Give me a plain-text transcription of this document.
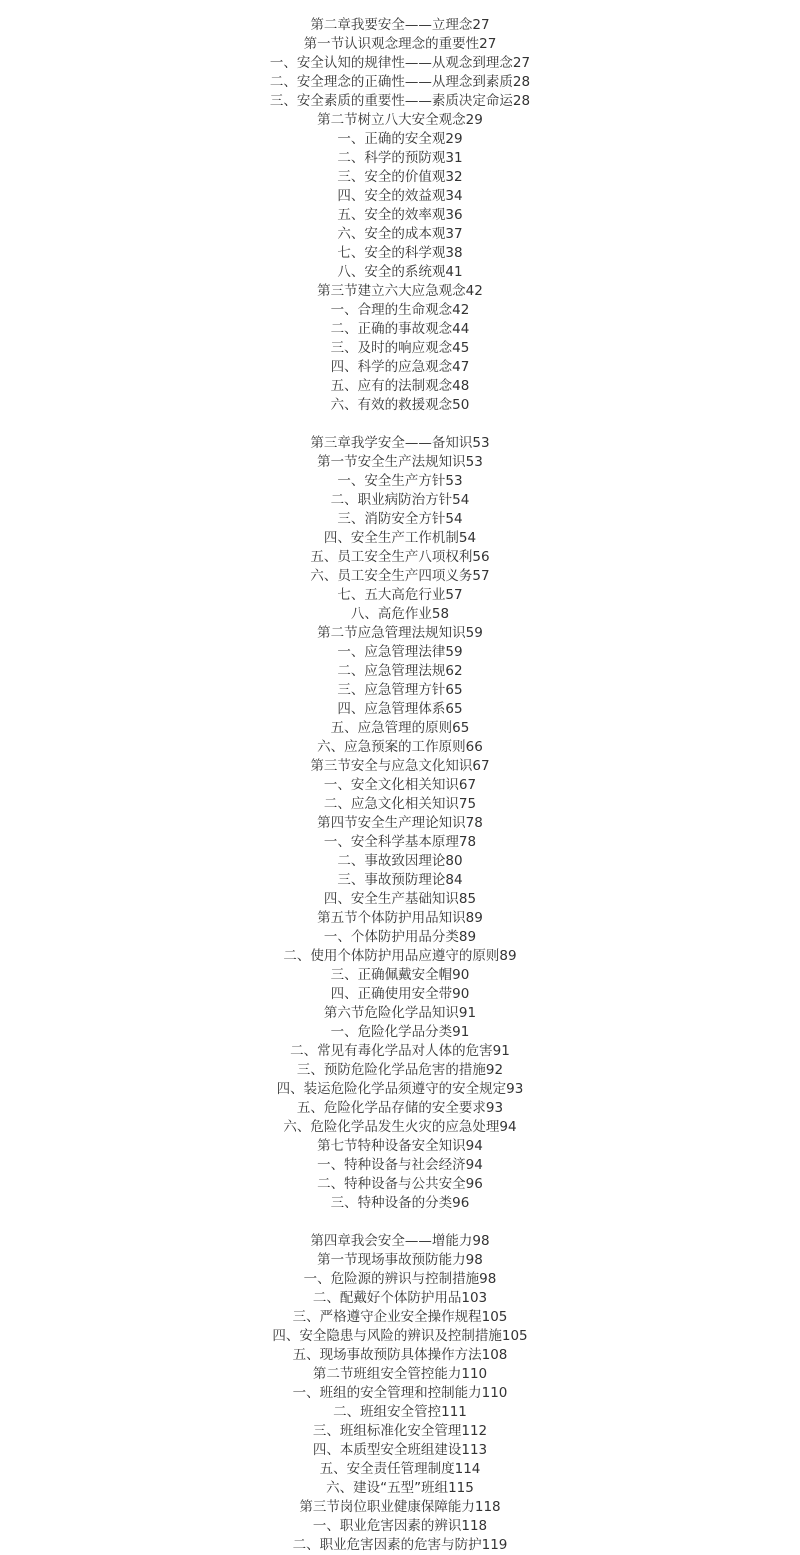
第二章我要安全——立理念27
第一节认识观念理念的重要性27
一、安全认知的规律性——从观念到理念27
二、安全理念的正确性——从理念到素质28
三、安全素质的重要性——素质决定命运28
第二节树立八大安全观念29
一、正确的安全观29
二、科学的预防观31
三、安全的价值观32
四、安全的效益观34
五、安全的效率观36
六、安全的成本观37
七、安全的科学观38
八、安全的系统观41
第三节建立六大应急观念42
一、合理的生命观念42
二、正确的事故观念44
三、及时的响应观念45
四、科学的应急观念47
五、应有的法制观念48
六、有效的救援观念50
第三章我学安全——备知识53
第一节安全生产法规知识53
一、安全生产方针53
二、职业病防治方针54
三、消防安全方针54
四、安全生产工作机制54
五、员工安全生产八项权利56
六、员工安全生产四项义务57
七、五大高危行业57
八、高危作业58
第二节应急管理法规知识59
一、应急管理法律59
二、应急管理法规62
三、应急管理方针65
四、应急管理体系65
五、应急管理的原则65
六、应急预案的工作原则66
第三节安全与应急文化知识67
一、安全文化相关知识67
二、应急文化相关知识75
第四节安全生产理论知识78
一、安全科学基本原理78
二、事故致因理论80
三、事故预防理论84
四、安全生产基础知识85
第五节个体防护用品知识89
一、个体防护用品分类89
二、使用个体防护用品应遵守的原则89
三、正确佩戴安全帽90
四、正确使用安全带90
第六节危险化学品知识91
一、危险化学品分类91
二、常见有毒化学品对人体的危害91
三、预防危险化学品危害的措施92
四、装运危险化学品须遵守的安全规定93
五、危险化学品存储的安全要求93
六、危险化学品发生火灾的应急处理94
第七节特种设备安全知识94
一、特种设备与社会经济94
二、特种设备与公共安全96
三、特种设备的分类96
第四章我会安全——增能力98
第一节现场事故预防能力98
一、危险源的辨识与控制措施98
二、配戴好个体防护用品103
三、严格遵守企业安全操作规程105
四、安全隐患与风险的辨识及控制措施105
五、现场事故预防具体操作方法108
第二节班组安全管控能力110
一、班组的安全管理和控制能力110
二、班组安全管控111
三、班组标准化安全管理112
四、本质型安全班组建设113
五、安全责任管理制度114
六、建设“五型”班组115
第三节岗位职业健康保障能力118
一、职业危害因素的辨识118
二、职业危害因素的危害与防护119
